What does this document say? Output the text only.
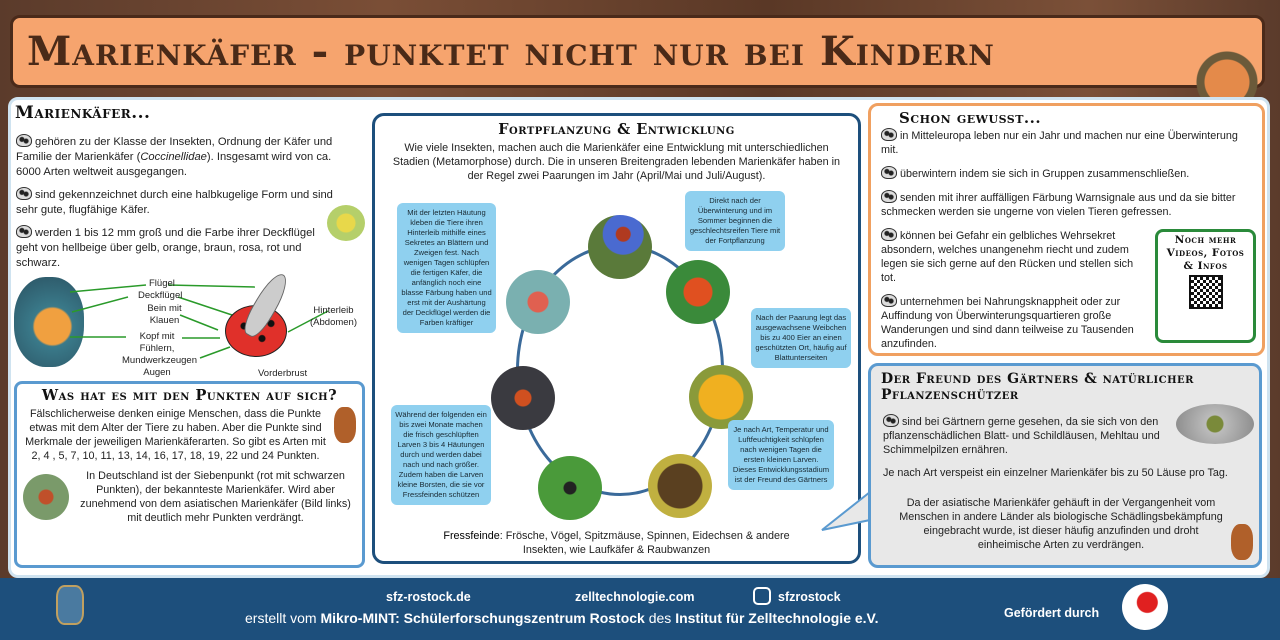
Marienkäfer - punktet nicht nur bei Kindern
Marienkäfer...

gehören zu der Klasse der Insekten, Ordnung der Käfer und Familie der Marienkäfer (Coccinellidae). Insgesamt wird von ca. 6000 Arten weltweit ausgegangen.

sind gekennzeichnet durch eine halbkugelige Form und sind sehr gute, flugfähige Käfer.

werden 1 bis 12 mm groß und die Farbe ihrer Deckflügel geht von hellbeige über gelb, orange, braun, rosa, rot und schwarz.

Flügel
Deckflügel
Bein mit Klauen
Kopf mit Fühlern, Mundwerkzeugen Augen
Hinterleib (Abdomen)
Vorderbrust
Was hat es mit den Punkten auf sich?
Fälschlicherweise denken einige Menschen, dass die Punkte etwas mit dem Alter der Tiere zu haben. Aber die Punkte sind Merkmale der jeweiligen Marienkäferarten. So gibt es Arten mit 2, 4 , 5, 7, 10, 11, 13, 14, 16, 17, 18, 19, 22 und 24 Punkten.
In Deutschland ist der Siebenpunkt (rot mit schwarzen Punkten), der bekannteste Marienkäfer. Wird aber zunehmend von dem asiatischen Marienkäfer (Bild links) mit deutlich mehr Punkten verdrängt.
Fortpflanzung & Entwicklung
Wie viele Insekten, machen auch die Marienkäfer eine Entwicklung mit unterschiedlichen Stadien (Metamorphose) durch. Die in unseren Breitengraden lebenden Marienkäfer haben in der Regel zwei Paarungen im Jahr (April/Mai und Juli/August).
Fressfeinde: Frösche, Vögel, Spitzmäuse, Spinnen, Eidechsen & andere Insekten, wie Laufkäfer & Raubwanzen
Direkt nach der Überwinterung und im Sommer beginnen die geschlechtsreifen Tiere mit der Fortpflanzung
Nach der Paarung legt das ausgewachsene Weibchen bis zu 400 Eier an einen geschützten Ort, häufig auf Blattunterseiten
Je nach Art, Temperatur und Luftfeuchtigkeit schlüpfen nach wenigen Tagen die ersten kleinen Larven. Dieses Entwicklungsstadium ist der Freund des Gärtners
Während der folgenden ein bis zwei Monate machen die frisch geschlüpften Larven 3 bis 4 Häutungen durch und werden dabei nach und nach größer. Zudem haben die Larven kleine Borsten, die sie vor Fressfeinden schützen
Mit der letzten Häutung kleben die Tiere ihren Hinterleib mithilfe eines Sekretes an Blättern und Zweigen fest. Nach wenigen Tagen schlüpfen die fertigen Käfer, die anfänglich noch eine blasse Färbung haben und erst mit der Aushärtung der Deckflügel werden die Farben kräftiger
Schon gewusst...

in Mitteleuropa leben nur ein Jahr und machen nur eine Überwinterung mit.

überwintern indem sie sich in Gruppen zusammenschließen.

senden mit ihrer auffälligen Färbung Warnsignale aus und da sie bitter schmecken werden sie ungerne von vielen Tieren gefressen.

können bei Gefahr ein gelbliches Wehrsekret absondern, welches unangenehm riecht und zudem legen sie sich gerne auf den Rücken und stellen sich tot.

unternehmen bei Nahrungsknappheit oder zur Auffindung von Überwinterungsquartieren große Wanderungen und sind dann teilweise zu Tausenden anzufinden.

Noch mehr Videos, Fotos & Infos
Der Freund des Gärtners & natürlicher Pflanzenschützer

sind bei Gärtnern gerne gesehen, da sie sich von den pflanzenschädlichen Blatt- und Schildläusen, Mehltau und Schimmelpilzen ernähren.

Je nach Art verspeist ein einzelner Marienkäfer bis zu 50 Läuse pro Tag.

Da der asiatische Marienkäfer gehäuft in der Vergangenheit vom Menschen in andere Länder als biologische Schädlingsbekämpfung eingebracht wurde, ist dieser häufig anzufinden und droht einheimische Arten zu verdrängen.

sfz-rostock.de	zelltechnologie.com	sfzrostock
erstellt vom Mikro-MINT: Schülerforschungszentrum Rostock des Institut für Zelltechnologie e.V.	Gefördert durch
